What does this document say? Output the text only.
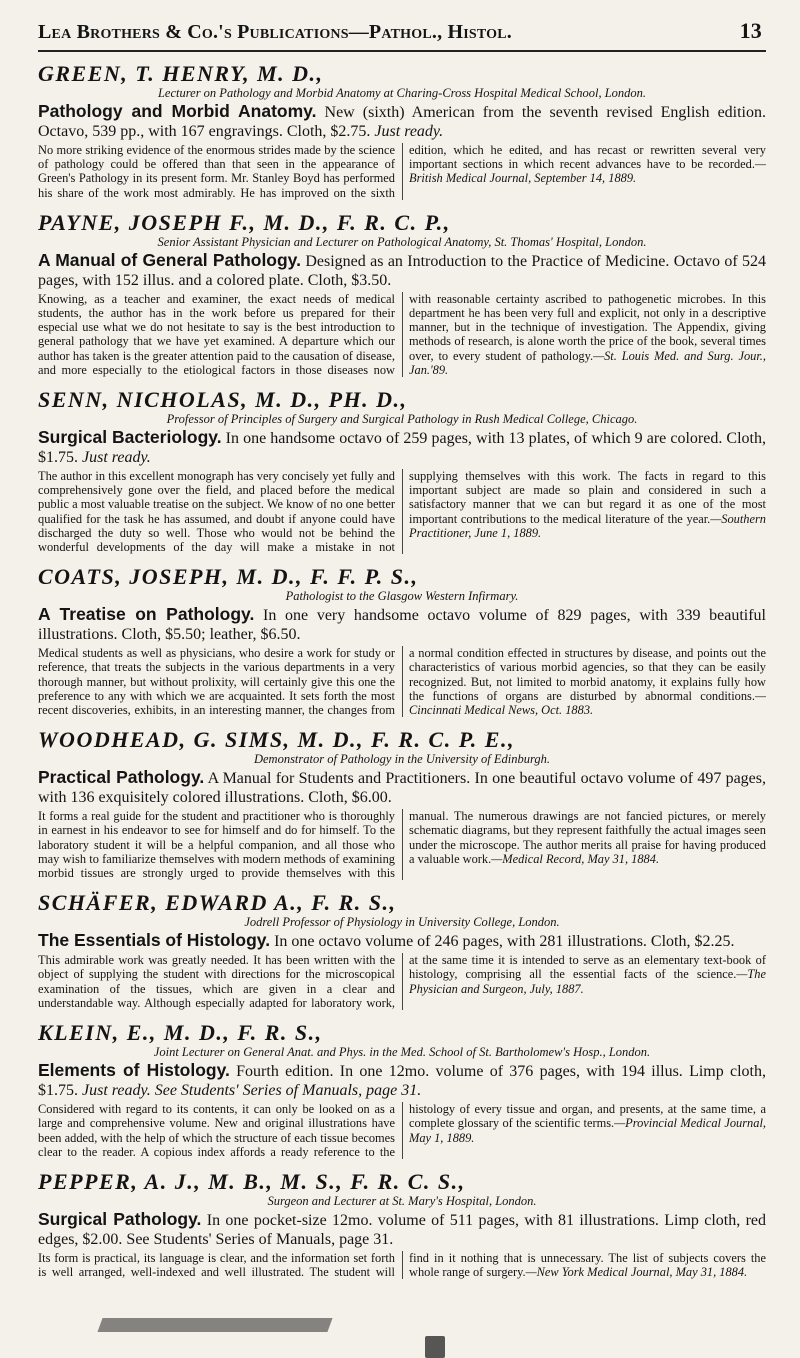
Lea Brothers & Co.'s Publications—Pathol., Histol.	13
GREEN, T. HENRY, M. D.,
Lecturer on Pathology and Morbid Anatomy at Charing-Cross Hospital Medical School, London.
Pathology and Morbid Anatomy. New (sixth) American from the seventh revised English edition. Octavo, 539 pp., with 167 engravings. Cloth, $2.75. Just ready.
No more striking evidence of the enormous strides made by the science of pathology could be offered than that seen in the appearance of Green's Pathology in its present form. Mr. Stanley Boyd has performed his share of the work most admirably. He has improved on the sixth edition, which he edited, and has recast or rewritten several very important sections in which recent advances have to be recorded.—British Medical Journal, September 14, 1889.
PAYNE, JOSEPH F., M. D., F. R. C. P.,
Senior Assistant Physician and Lecturer on Pathological Anatomy, St. Thomas' Hospital, London.
A Manual of General Pathology. Designed as an Introduction to the Practice of Medicine. Octavo of 524 pages, with 152 illus. and a colored plate. Cloth, $3.50.
Knowing, as a teacher and examiner, the exact needs of medical students, the author has in the work before us prepared for their especial use what we do not hesitate to say is the best introduction to general pathology that we have yet examined. A departure which our author has taken is the greater attention paid to the causation of disease, and more especially to the etiological factors in those diseases now with reasonable certainty ascribed to pathogenetic microbes. In this department he has been very full and explicit, not only in a descriptive manner, but in the technique of investigation. The Appendix, giving methods of research, is alone worth the price of the book, several times over, to every student of pathology.—St. Louis Med. and Surg. Jour., Jan.'89.
SENN, NICHOLAS, M. D., PH. D.,
Professor of Principles of Surgery and Surgical Pathology in Rush Medical College, Chicago.
Surgical Bacteriology. In one handsome octavo of 259 pages, with 13 plates, of which 9 are colored. Cloth, $1.75. Just ready.
The author in this excellent monograph has very concisely yet fully and comprehensively gone over the field, and placed before the medical public a most valuable treatise on the subject. We know of no one better qualified for the task he has assumed, and doubt if anyone could have discharged the duty so well. Those who would not be behind the wonderful developments of the day will make a mistake in not supplying themselves with this work. The facts in regard to this important subject are made so plain and considered in such a satisfactory manner that we can but regard it as one of the most important contributions to the medical literature of the year.—Southern Practitioner, June 1, 1889.
COATS, JOSEPH, M. D., F. F. P. S.,
Pathologist to the Glasgow Western Infirmary.
A Treatise on Pathology. In one very handsome octavo volume of 829 pages, with 339 beautiful illustrations. Cloth, $5.50; leather, $6.50.
Medical students as well as physicians, who desire a work for study or reference, that treats the subjects in the various departments in a very thorough manner, but without prolixity, will certainly give this one the preference to any with which we are acquainted. It sets forth the most recent discoveries, exhibits, in an interesting manner, the changes from a normal condition effected in structures by disease, and points out the characteristics of various morbid agencies, so that they can be easily recognized. But, not limited to morbid anatomy, it explains fully how the functions of organs are disturbed by abnormal conditions.—Cincinnati Medical News, Oct. 1883.
WOODHEAD, G. SIMS, M. D., F. R. C. P. E.,
Demonstrator of Pathology in the University of Edinburgh.
Practical Pathology. A Manual for Students and Practitioners. In one beautiful octavo volume of 497 pages, with 136 exquisitely colored illustrations. Cloth, $6.00.
It forms a real guide for the student and practitioner who is thoroughly in earnest in his endeavor to see for himself and do for himself. To the laboratory student it will be a helpful companion, and all those who may wish to familiarize themselves with modern methods of examining morbid tissues are strongly urged to provide themselves with this manual. The numerous drawings are not fancied pictures, or merely schematic diagrams, but they represent faithfully the actual images seen under the microscope. The author merits all praise for having produced a valuable work.—Medical Record, May 31, 1884.
SCHÄFER, EDWARD A., F. R. S.,
Jodrell Professor of Physiology in University College, London.
The Essentials of Histology. In one octavo volume of 246 pages, with 281 illustrations. Cloth, $2.25.
This admirable work was greatly needed. It has been written with the object of supplying the student with directions for the microscopical examination of the tissues, which are given in a clear and understandable way. Although especially adapted for laboratory work, at the same time it is intended to serve as an elementary text-book of histology, comprising all the essential facts of the science.—The Physician and Surgeon, July, 1887.
KLEIN, E., M. D., F. R. S.,
Joint Lecturer on General Anat. and Phys. in the Med. School of St. Bartholomew's Hosp., London.
Elements of Histology. Fourth edition. In one 12mo. volume of 376 pages, with 194 illus. Limp cloth, $1.75. Just ready. See Students' Series of Manuals, page 31.
Considered with regard to its contents, it can only be looked on as a large and comprehensive volume. New and original illustrations have been added, with the help of which the structure of each tissue becomes clear to the reader. A copious index affords a ready reference to the histology of every tissue and organ, and presents, at the same time, a complete glossary of the scientific terms.—Provincial Medical Journal, May 1, 1889.
PEPPER, A. J., M. B., M. S., F. R. C. S.,
Surgeon and Lecturer at St. Mary's Hospital, London.
Surgical Pathology. In one pocket-size 12mo. volume of 511 pages, with 81 illustrations. Limp cloth, red edges, $2.00. See Students' Series of Manuals, page 31.
Its form is practical, its language is clear, and the information set forth is well arranged, well-indexed and well illustrated. The student will find in it nothing that is unnecessary. The list of subjects covers the whole range of surgery.—New York Medical Journal, May 31, 1884.
